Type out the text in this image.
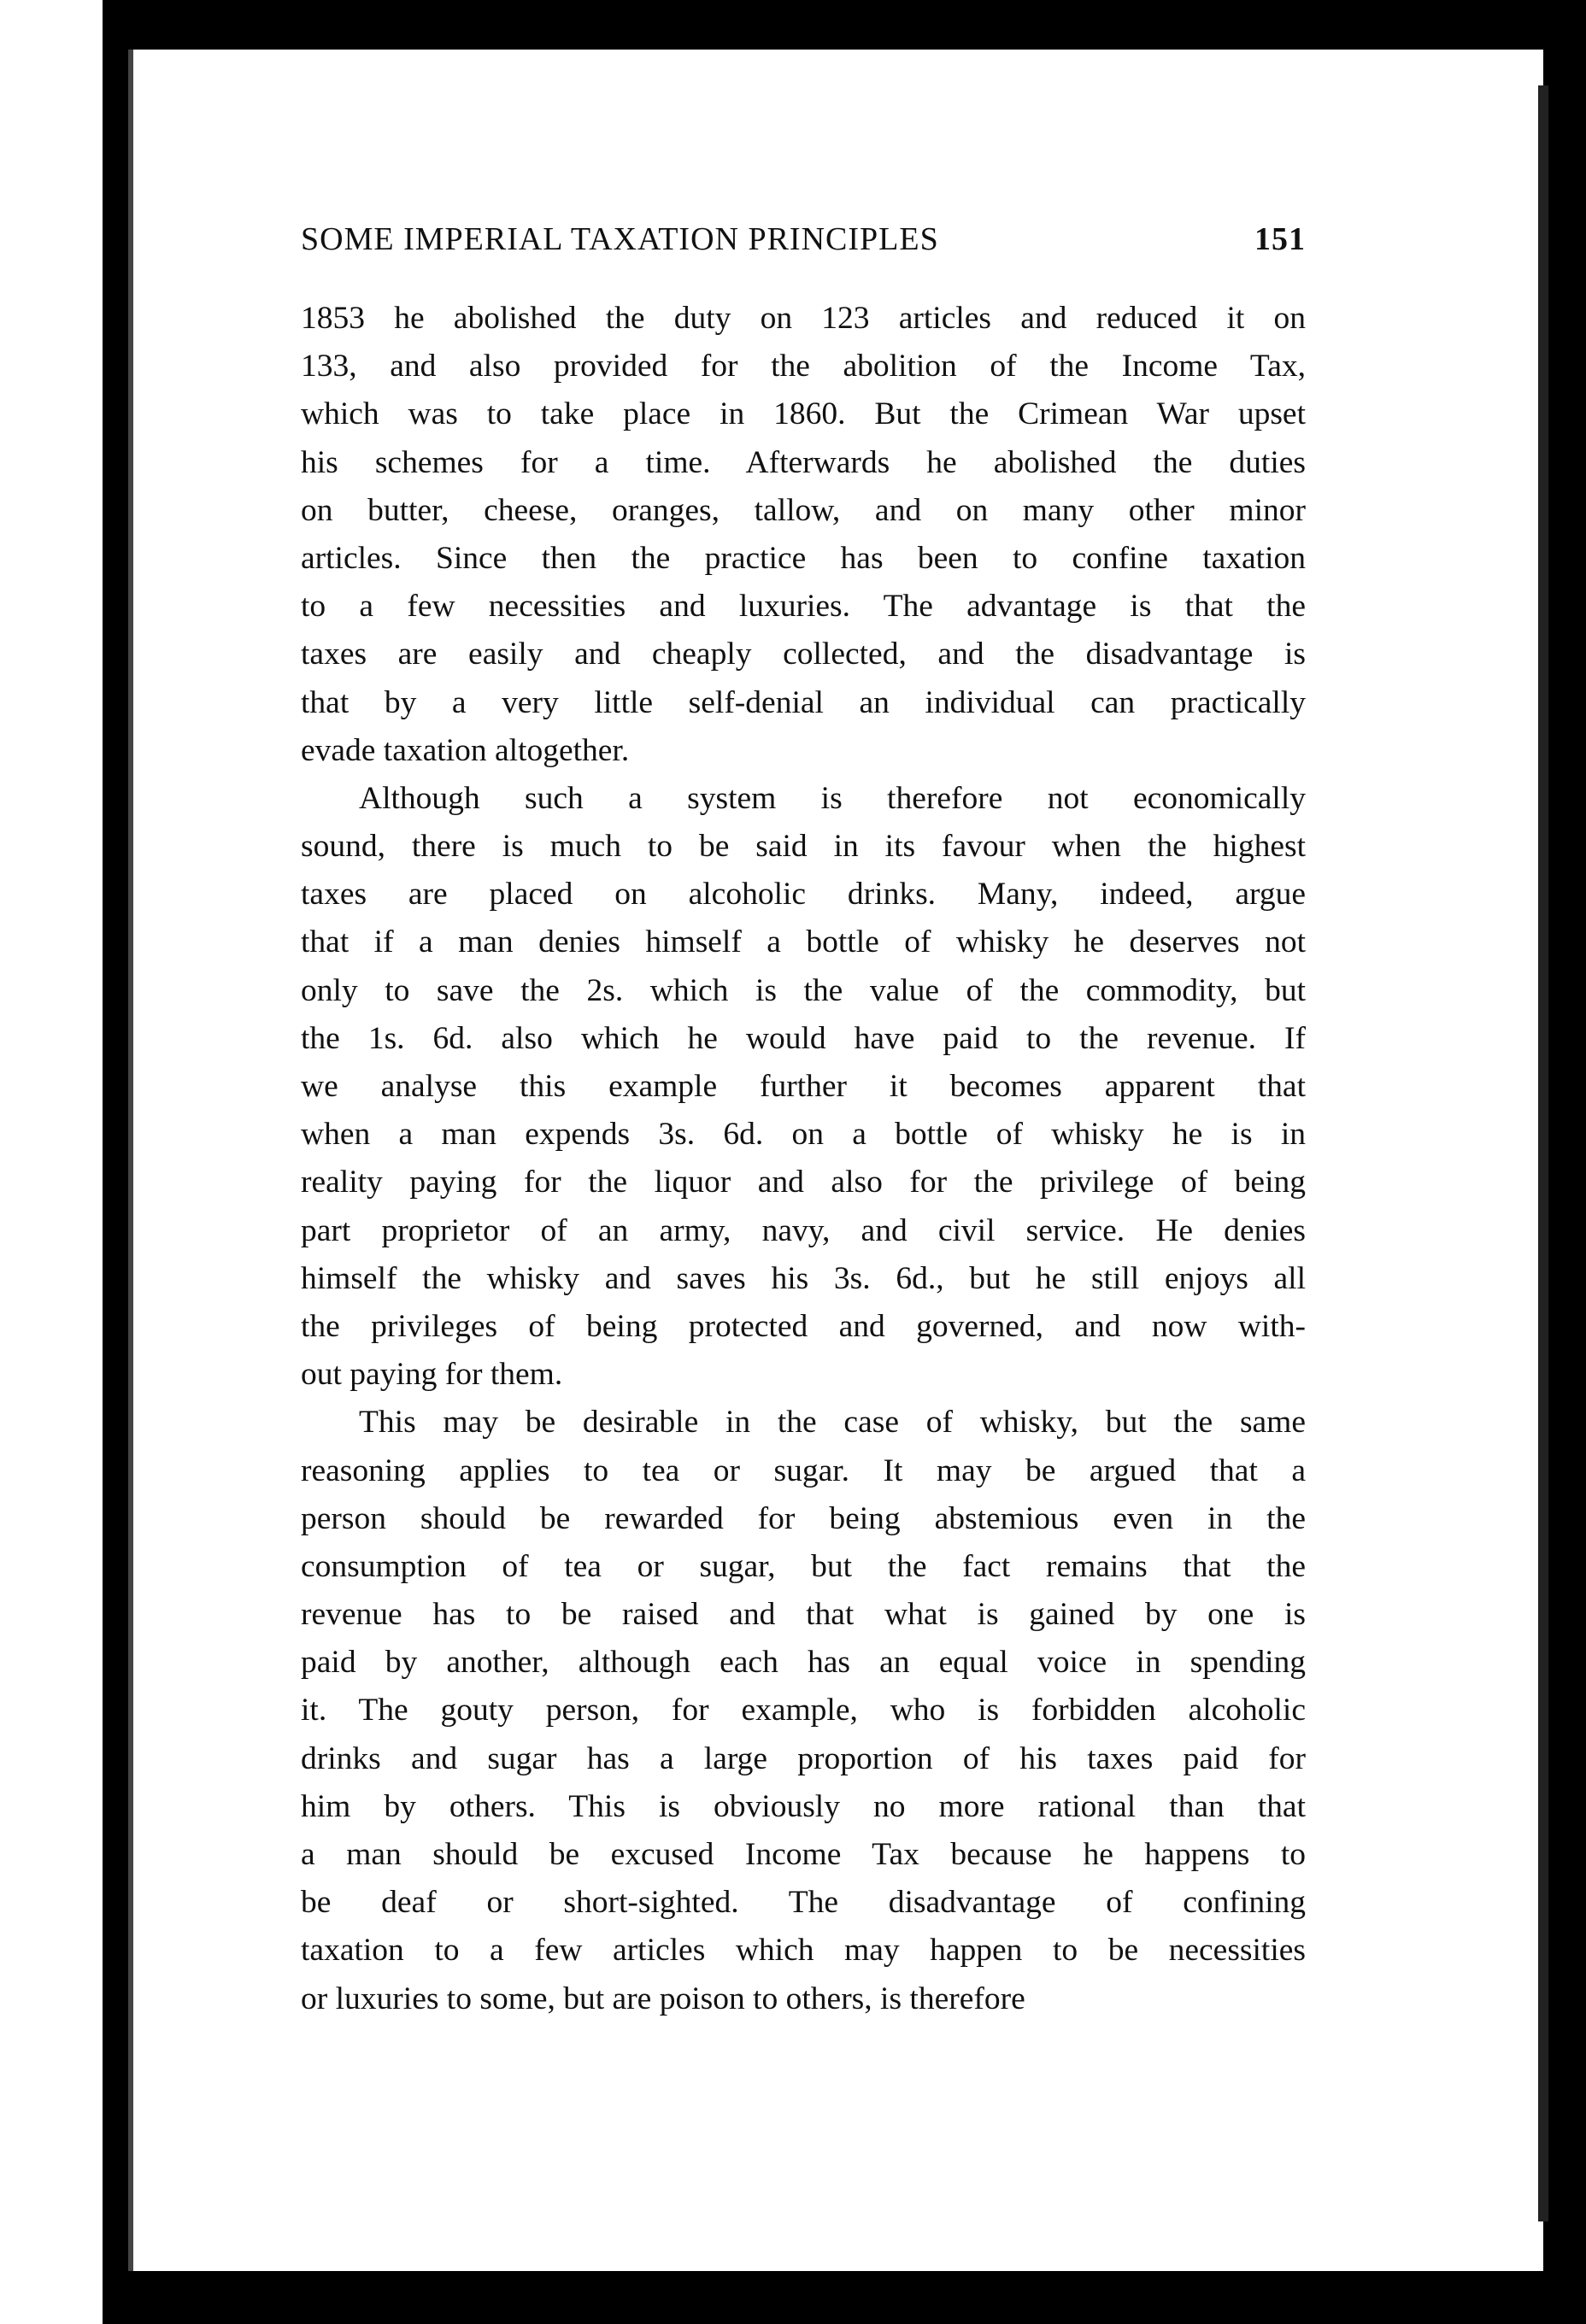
SOME IMPERIAL TAXATION PRINCIPLES	151
1853 he abolished the duty on 123 articles and reduced it on
133, and also provided for the abolition of the Income Tax,
which was to take place in 1860. But the Crimean War upset
his schemes for a time. Afterwards he abolished the duties
on butter, cheese, oranges, tallow, and on many other minor
articles. Since then the practice has been to confine taxation
to a few necessities and luxuries. The advantage is that the
taxes are easily and cheaply collected, and the disadvantage is
that by a very little self-denial an individual can practically
evade taxation altogether.
Although such a system is therefore not economically
sound, there is much to be said in its favour when the highest
taxes are placed on alcoholic drinks. Many, indeed, argue
that if a man denies himself a bottle of whisky he deserves not
only to save the 2s. which is the value of the commodity, but
the 1s. 6d. also which he would have paid to the revenue. If
we analyse this example further it becomes apparent that
when a man expends 3s. 6d. on a bottle of whisky he is in
reality paying for the liquor and also for the privilege of being
part proprietor of an army, navy, and civil service. He denies
himself the whisky and saves his 3s. 6d., but he still enjoys all
the privileges of being protected and governed, and now with-
out paying for them.
This may be desirable in the case of whisky, but the same
reasoning applies to tea or sugar. It may be argued that a
person should be rewarded for being abstemious even in the
consumption of tea or sugar, but the fact remains that the
revenue has to be raised and that what is gained by one is
paid by another, although each has an equal voice in spending
it. The gouty person, for example, who is forbidden alcoholic
drinks and sugar has a large proportion of his taxes paid for
him by others. This is obviously no more rational than that
a man should be excused Income Tax because he happens to
be deaf or short-sighted. The disadvantage of confining
taxation to a few articles which may happen to be necessities
or luxuries to some, but are poison to others, is therefore
